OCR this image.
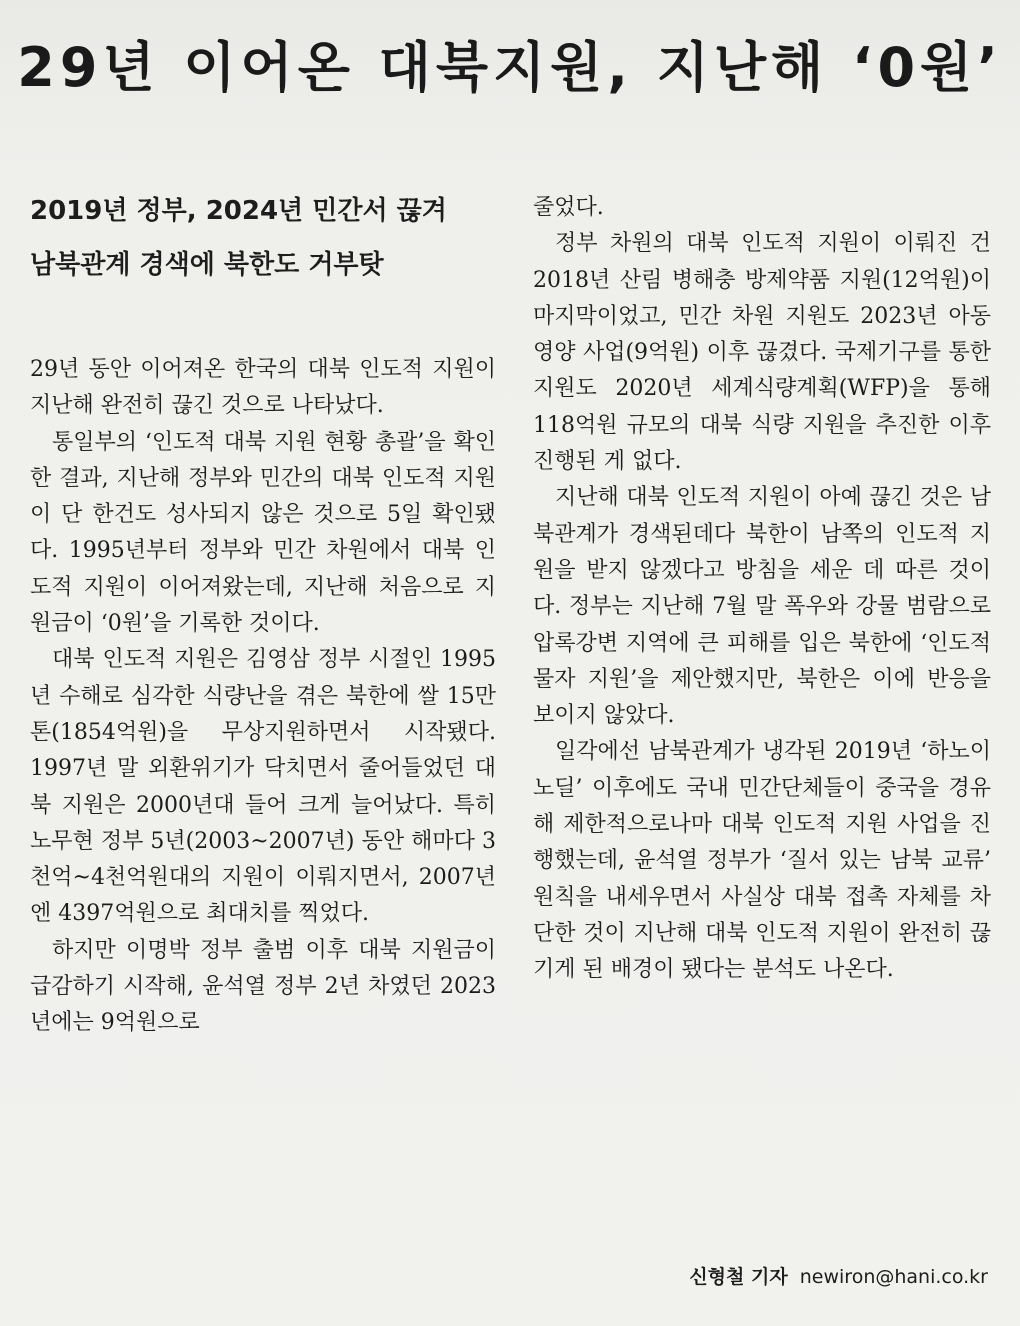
29년 이어온 대북지원, 지난해 ‘0원’
2019년 정부, 2024년 민간서 끊겨
남북관계 경색에 북한도 거부탓

29년 동안 이어져온 한국의 대북 인도적 지원이 지난해 완전히 끊긴 것으로 나타났다.

통일부의 ‘인도적 대북 지원 현황 총괄’을 확인한 결과, 지난해 정부와 민간의 대북 인도적 지원이 단 한건도 성사되지 않은 것으로 5일 확인됐다. 1995년부터 정부와 민간 차원에서 대북 인도적 지원이 이어져왔는데, 지난해 처음으로 지원금이 ‘0원’을 기록한 것이다.

대북 인도적 지원은 김영삼 정부 시절인 1995년 수해로 심각한 식량난을 겪은 북한에 쌀 15만톤(1854억원)을 무상지원하면서 시작됐다. 1997년 말 외환위기가 닥치면서 줄어들었던 대북 지원은 2000년대 들어 크게 늘어났다. 특히 노무현 정부 5년(2003~2007년) 동안 해마다 3천억~4천억원대의 지원이 이뤄지면서, 2007년엔 4397억원으로 최대치를 찍었다.

하지만 이명박 정부 출범 이후 대북 지원금이 급감하기 시작해, 윤석열 정부 2년 차였던 2023년에는 9억원으로

줄었다.

정부 차원의 대북 인도적 지원이 이뤄진 건 2018년 산림 병해충 방제약품 지원(12억원)이 마지막이었고, 민간 차원 지원도 2023년 아동영양 사업(9억원) 이후 끊겼다. 국제기구를 통한 지원도 2020년 세계식량계획(WFP)을 통해 118억원 규모의 대북 식량 지원을 추진한 이후 진행된 게 없다.

지난해 대북 인도적 지원이 아예 끊긴 것은 남북관계가 경색된데다 북한이 남쪽의 인도적 지원을 받지 않겠다고 방침을 세운 데 따른 것이다. 정부는 지난해 7월 말 폭우와 강물 범람으로 압록강변 지역에 큰 피해를 입은 북한에 ‘인도적 물자 지원’을 제안했지만, 북한은 이에 반응을 보이지 않았다.

일각에선 남북관계가 냉각된 2019년 ‘하노이 노딜’ 이후에도 국내 민간단체들이 중국을 경유해 제한적으로나마 대북 인도적 지원 사업을 진행했는데, 윤석열 정부가 ‘질서 있는 남북 교류’ 원칙을 내세우면서 사실상 대북 접촉 자체를 차단한 것이 지난해 대북 인도적 지원이 완전히 끊기게 된 배경이 됐다는 분석도 나온다.

신형철 기자 newiron@hani.co.kr
